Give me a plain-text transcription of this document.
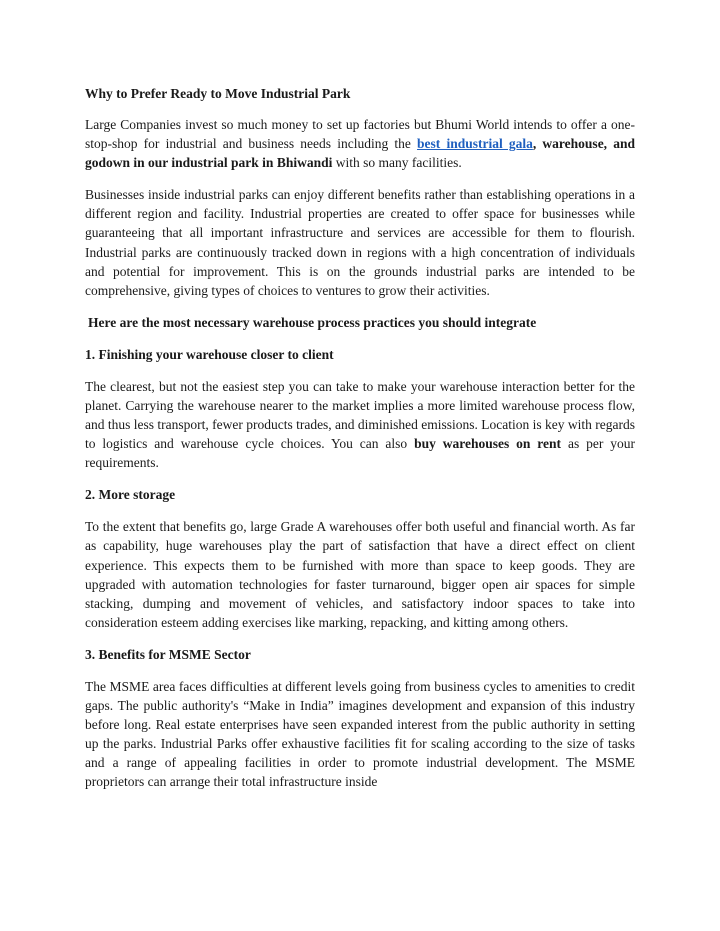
Why to Prefer Ready to Move Industrial Park

Large Companies invest so much money to set up factories but Bhumi World intends to offer a one-stop-shop for industrial and business needs including the best industrial gala, warehouse, and godown in our industrial park in Bhiwandi with so many facilities.

Businesses inside industrial parks can enjoy different benefits rather than establishing operations in a different region and facility. Industrial properties are created to offer space for businesses while guaranteeing that all important infrastructure and services are accessible for them to flourish. Industrial parks are continuously tracked down in regions with a high concentration of individuals and potential for improvement. This is on the grounds industrial parks are intended to be comprehensive, giving types of choices to ventures to grow their activities.

Here are the most necessary warehouse process practices you should integrate
1. Finishing your warehouse closer to client

The clearest, but not the easiest step you can take to make your warehouse interaction better for the planet. Carrying the warehouse nearer to the market implies a more limited warehouse process flow, and thus less transport, fewer products trades, and diminished emissions. Location is key with regards to logistics and warehouse cycle choices. You can also buy warehouses on rent as per your requirements.

2. More storage

To the extent that benefits go, large Grade A warehouses offer both useful and financial worth. As far as capability, huge warehouses play the part of satisfaction that have a direct effect on client experience. This expects them to be furnished with more than space to keep goods. They are upgraded with automation technologies for faster turnaround, bigger open air spaces for simple stacking, dumping and movement of vehicles, and satisfactory indoor spaces to take into consideration esteem adding exercises like marking, repacking, and kitting among others.

3. Benefits for MSME Sector

The MSME area faces difficulties at different levels going from business cycles to amenities to credit gaps. The public authority's “Make in India” imagines development and expansion of this industry before long. Real estate enterprises have seen expanded interest from the public authority in setting up the parks. Industrial Parks offer exhaustive facilities fit for scaling according to the size of tasks and a range of appealing facilities in order to promote industrial development. The MSME proprietors can arrange their total infrastructure inside
